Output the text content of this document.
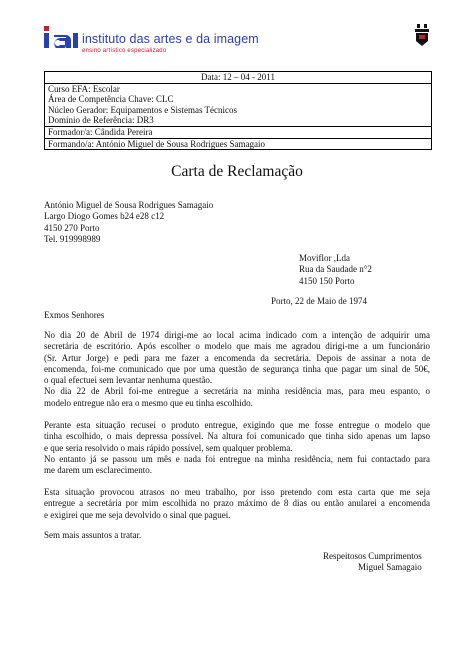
instituto das artes e da imagem
ensino artístico especializado
Data: 12 – 04 - 2011
Curso EFA: Escolar
Área de Competência Chave: CLC
Núcleo Gerador: Equipamentos e Sistemas Técnicos
Domínio de Referência: DR3
Formador/a: Cândida Pereira
Formando/a: António Miguel de Sousa Rodrigues Samagaio
Carta de Reclamação
António Miguel de Sousa Rodrigues Samagaio
Largo Diogo Gomes b24 e28 c12
4150 270 Porto
Tel. 919998989
Moviflor ,Lda
Rua da Saudade n°2
4150 150 Porto
Porto, 22 de Maio de 1974
Exmos Senhores
No dia 20 de Abril de 1974 dirigi-me ao local acima indicado com a intenção de adquirir uma
secretária de escritório. Após escolher o modelo que mais me agradou dirigi-me a um funcionário
(Sr. Artur Jorge) e pedi para me fazer a encomenda da secretária. Depois de assinar a nota de
encomenda, foi-me comunicado que por uma questão de segurança tinha que pagar um sinal de 50€,
o qual efectuei sem levantar nenhuma questão.
No dia 22 de Abril foi-me entregue a secretária na minha residência mas, para meu espanto, o
modelo entregue não era o mesmo que eu tinha escolhido.
Perante esta situação recusei o produto entregue, exigindo que me fosse entregue o modelo que
tinha escolhido, o mais depressa possível. Na altura foi comunicado que tinha sido apenas um lapso
e que seria resolvido o mais rápido possível, sem qualquer problema.
No entanto já se passou um mês e nada foi entregue na minha residência, nem fui contactado para
me darem um esclarecimento.
Esta situação provocou atrasos no meu trabalho, por isso pretendo com esta carta que me seja
entregue a secretária por mim escolhida no prazo máximo de 8 dias ou então anularei a encomenda
e exigirei que me seja devolvido o sinal que paguei.
Sem mais assuntos a tratar.
Respeitosos Cumprimentos
Miguel Samagaio
